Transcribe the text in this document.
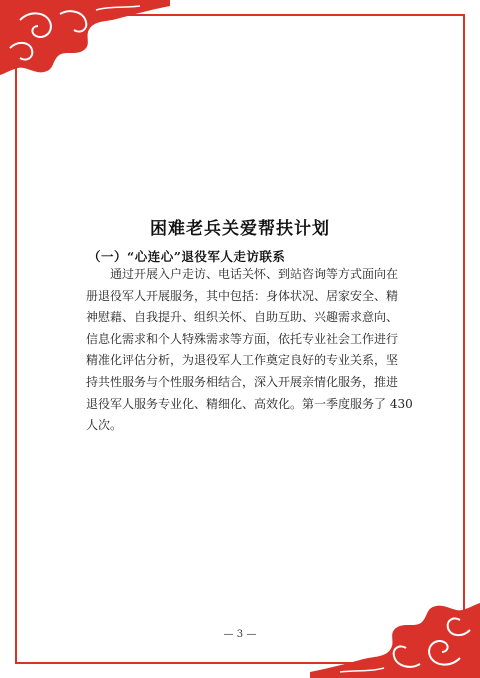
困难老兵关爱帮扶计划
（一）“心连心”退役军人走访联系

通过开展入户走访、电话关怀、到站咨询等方式面向在
册退役军人开展服务，其中包括：身体状况、居家安全、精
神慰藉、自我提升、组织关怀、自助互助、兴趣需求意向、
信息化需求和个人特殊需求等方面，依托专业社会工作进行
精准化评估分析，为退役军人工作奠定良好的专业关系，坚
持共性服务与个性服务相结合，深入开展亲情化服务，推进
退役军人服务专业化、精细化、高效化。第一季度服务了 430
人次。

— 3 —
